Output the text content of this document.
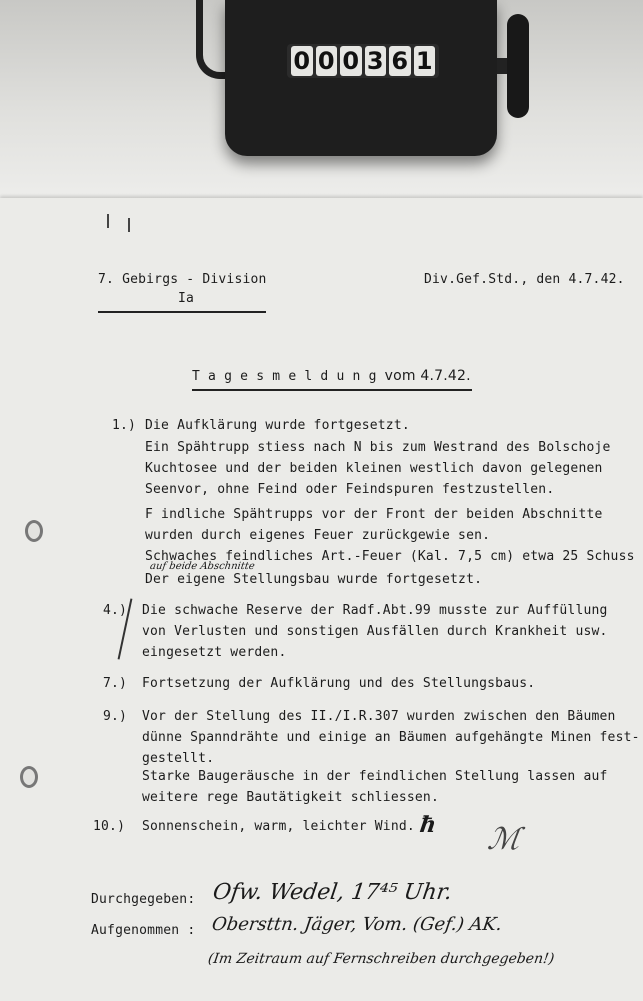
0 0 0 3 6 1
7. Gebirgs - Division
Ia
Div.Gef.Std., den 4.7.42.
T a g e s m e l d u n g vom 4.7.42.
1.) Die Aufklärung wurde fortgesetzt.
Ein Spähtrupp stiess nach N bis zum Westrand des Bolschoje
Kuchtosee und der beiden kleinen westlich davon gelegenen
Seenvor, ohne Feind oder Feindspuren festzustellen.
F indliche Spähtrupps vor der Front der beiden Abschnitte
wurden durch eigenes Feuer zurückgewie sen.
Schwaches feindliches Art.-Feuer (Kal. 7,5 cm) etwa 25 Schuss
auf beide Abschnitte
Der eigene Stellungsbau wurde fortgesetzt.
4.) Die schwache Reserve der Radf.Abt.99 musste zur Auffüllung
von Verlusten und sonstigen Ausfällen durch Krankheit usw.
eingesetzt werden.
7.) Fortsetzung der Aufklärung und des Stellungsbaus.
9.) Vor der Stellung des II./I.R.307 wurden zwischen den Bäumen
dünne Spanndrähte und einige an Bäumen aufgehängte Minen fest-
gestellt.
Starke Baugeräusche in der feindlichen Stellung lassen auf
weitere rege Bautätigkeit schliessen.
10.) Sonnenschein, warm, leichter Wind. ħ ℳ
Durchgegeben: Ofw. Wedel, 17⁴⁵ Uhr.
Aufgenommen : Obersttn. Jäger, Vom. (Gef.) AK.
(Im Zeitraum auf Fernschreiben durchgegeben!)
